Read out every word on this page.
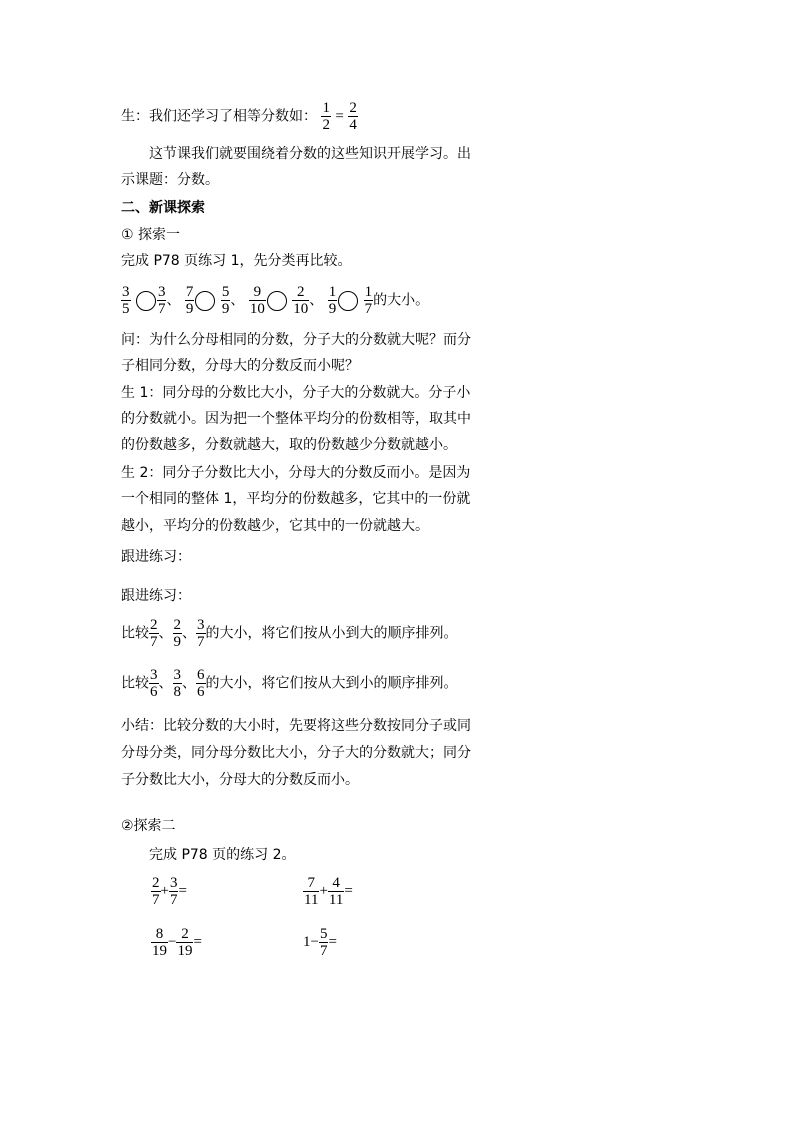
生：我们还学习了相等分数如： $\frac{1}{2} = \frac{2}{4}$
这节课我们就要围绕着分数的这些知识开展学习。出
示课题：分数。
二、新课探索
① 探索一
完成 P78 页练习 1，先分类再比较。
$\frac{3}{5}$
$\frac{3}{7}$ 、 $\frac{7}{9}$
$\frac{5}{9}$ 、 $\frac{9}{10}$
$\frac{2}{10}$ 、 $\frac{1}{9}$
$\frac{1}{7}$ 的大小。
问：为什么分母相同的分数，分子大的分数就大呢？而分
子相同分数，分母大的分数反而小呢？
生 1：同分母的分数比大小，分子大的分数就大。分子小
的分数就小。因为把一个整体平均分的份数相等，取其中
的份数越多，分数就越大，取的份数越少分数就越小。
生 2：同分子分数比大小，分母大的分数反而小。是因为
一个相同的整体 1，平均分的份数越多，它其中的一份就
越小，平均分的份数越少，它其中的一份就越大。
跟进练习：
跟进练习：
比较 $\frac{2}{7}$ 、 $\frac{2}{9}$ 、 $\frac{3}{7}$ 的大小，将它们按从小到大的顺序排列。
比较 $\frac{3}{6}$ 、 $\frac{3}{8}$ 、 $\frac{6}{6}$ 的大小，将它们按从大到小的顺序排列。
小结：比较分数的大小时，先要将这些分数按同分子或同
分母分类，同分母分数比大小，分子大的分数就大；同分
子分数比大小，分母大的分数反而小。
②探索二
完成 P78 页的练习 2。
$\frac{2}{7} + \frac{3}{7}$ =	$\frac{7}{11} + \frac{4}{11}$ =
$\frac{8}{19} - \frac{2}{19}$ =	$1- \frac{5}{7}$ =
